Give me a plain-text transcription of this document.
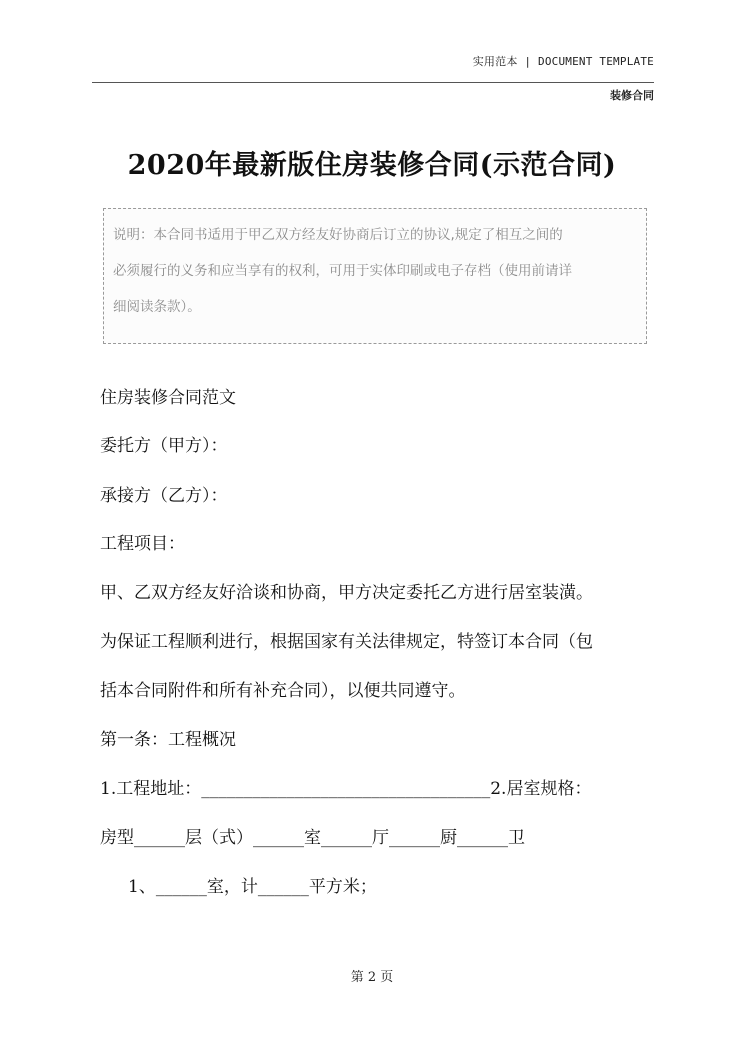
实用范本 | DOCUMENT TEMPLATE
装修合同
2020年最新版住房装修合同(示范合同)
说明：本合同书适用于甲乙双方经友好协商后订立的协议,规定了相互之间的
必须履行的义务和应当享有的权利，可用于实体印刷或电子存档（使用前请详
细阅读条款）。
住房装修合同范文
委托方（甲方）：
承接方（乙方）：
工程项目：
甲、乙双方经友好洽谈和协商，甲方决定委托乙方进行居室装潢。
为保证工程顺利进行，根据国家有关法律规定，特签订本合同（包
括本合同附件和所有补充合同），以便共同遵守。
第一条：工程概况
1.工程地址：__________________________________2.居室规格：
房型______层（式）______室______厅______厨______卫
1、______室，计______平方米；
第 2 页
